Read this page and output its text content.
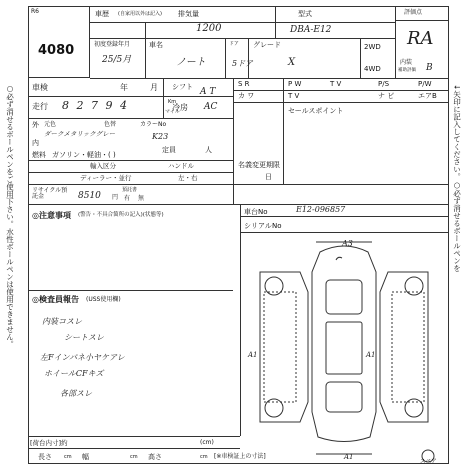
○必ず消せるボールペンをご使用下さい。水性ボールペンは使用できません。	↓矢印に記入してください。○必ず消せるボールペンを
R6
4080
車歴 (自家用以外は記入) 排気量
1200
型式
DBA-E12
評価点
RA
初度登録年月
25/5月
車名
ノート
ドア
5ドア
グレード
X
2WD
4WD
内装
補助評価 B
車検	年	月
走行 8 2 7 9 4	Km
マイル
シフト A T
冷房 AC
外
内
元色	色替
ダークメタリックグレー
カラーNo
K23
燃料 ガソリン・軽油・( )
定員	人
輸入区分
ディーラー・並行
ハンドル
左・右
リサイクル預託金	8510 円
預託書
有 無
名義変更期限
日
S R	P W	T V	P/S	P/W
カ ワ	T V	ナ ビ	エアB
セールスポイント
◎注意事項 (警告・不具合箇所の記入)(状態等)
◎検査員報告 (USS使用欄)
内装コスレ
シートスレ
左Fインパネ小ヤケアレ
ホイールCFキズ
各部スレ
車台No	E12-096857
シリアル No
A3
A1	A1
A1
スペア
[荷台内寸]約	(cm)
長さ cm 幅	cm 高さ	cm [※車検証上の寸法]
